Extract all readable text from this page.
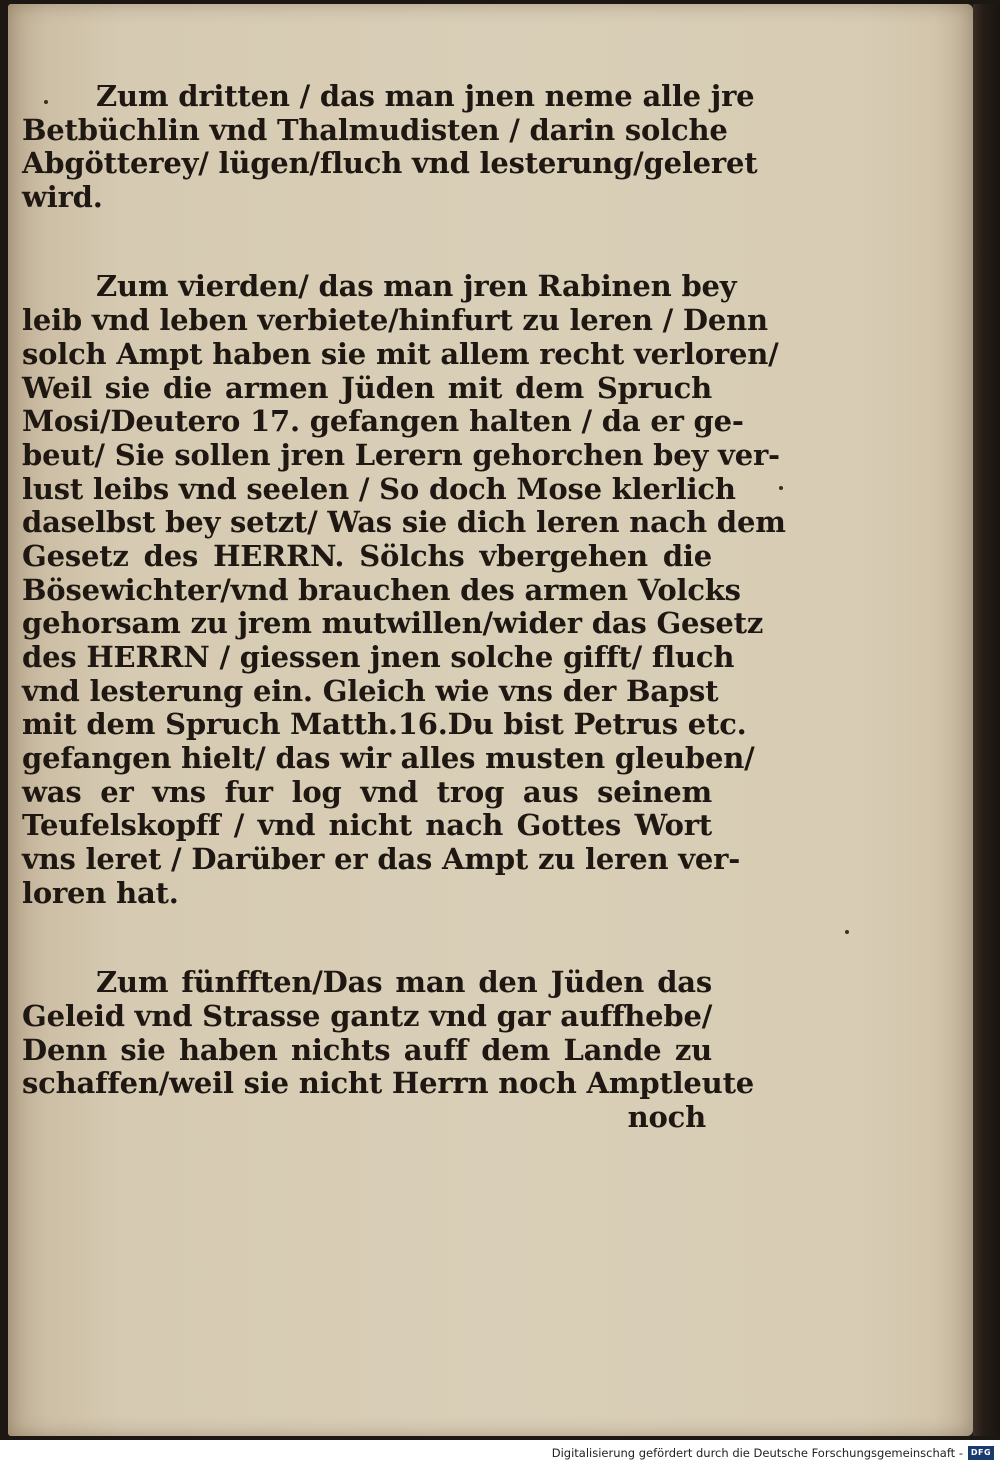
Zum dritten / das man jnen neme alle jre
Betbüchlin vnd Thalmudisten / darin solche
Abgötterey/ lügen/fluch vnd lesterung/geleret
wird.
Zum vierden/ das man jren Rabinen bey
leib vnd leben verbiete/hinfurt zu leren / Denn
solch Ampt haben sie mit allem recht verloren/
Weil sie die armen Jüden mit dem Spruch
Mosi/Deutero 17. gefangen halten / da er ge-
beut/ Sie sollen jren Lerern gehorchen bey ver-
lust leibs vnd seelen / So doch Mose klerlich
daselbst bey setzt/ Was sie dich leren nach dem
Gesetz des HERRN. Sölchs vbergehen die
Bösewichter/vnd brauchen des armen Volcks
gehorsam zu jrem mutwillen/wider das Gesetz
des HERRN / giessen jnen solche gifft/ fluch
vnd lesterung ein. Gleich wie vns der Bapst
mit dem Spruch Matth.16.Du bist Petrus etc.
gefangen hielt/ das wir alles musten gleuben/
was er vns fur log vnd trog aus seinem
Teufelskopff / vnd nicht nach Gottes Wort
vns leret / Darüber er das Ampt zu leren ver-
loren hat.
Zum fünfften/Das man den Jüden das
Geleid vnd Strasse gantz vnd gar auffhebe/
Denn sie haben nichts auff dem Lande zu
schaffen/weil sie nicht Herrn noch Amptleute
noch
Digitalisierung gefördert durch die Deutsche Forschungsgemeinschaft - DFG
